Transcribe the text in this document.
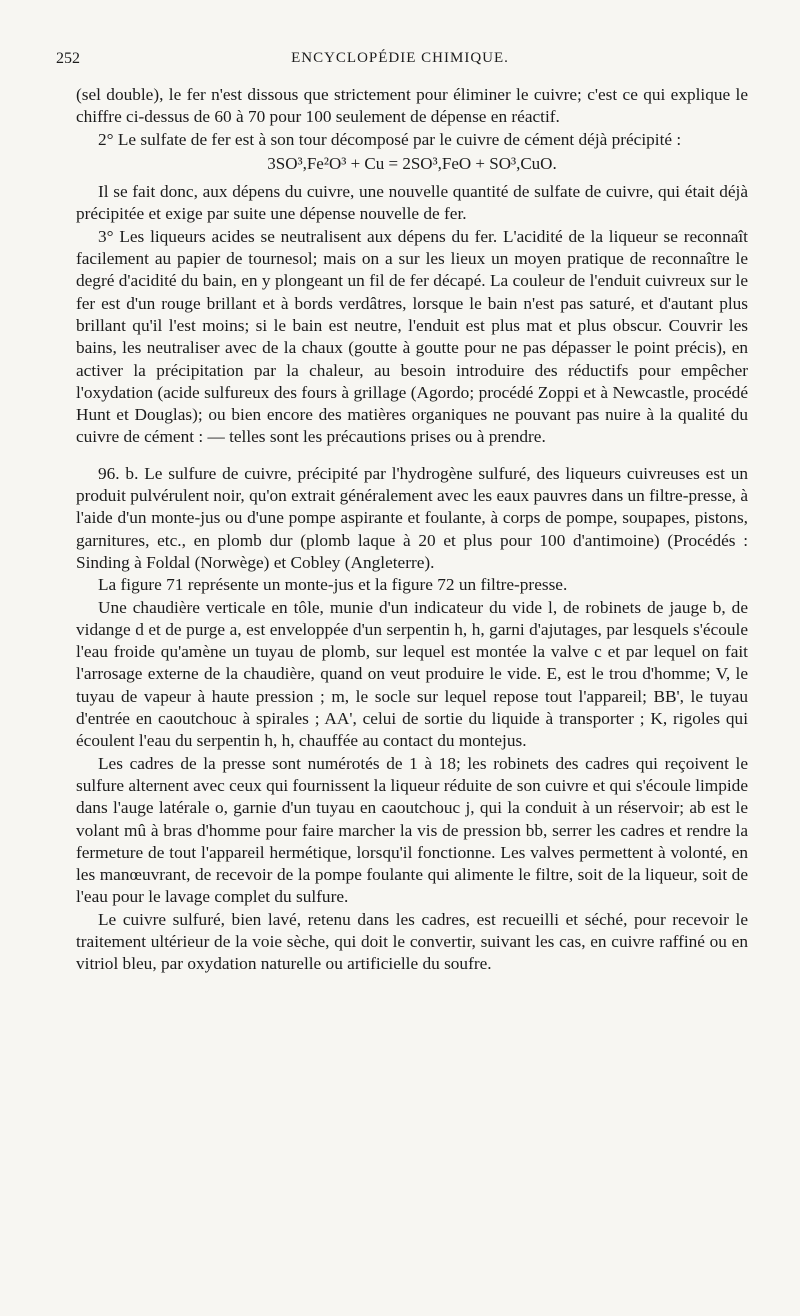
252	ENCYCLOPÉDIE CHIMIQUE.

(sel double), le fer n'est dissous que strictement pour éliminer le cuivre; c'est ce qui explique le chiffre ci-dessus de 60 à 70 pour 100 seulement de dépense en réactif.

2° Le sulfate de fer est à son tour décomposé par le cuivre de cément déjà précipité :

3SO³,Fe²O³ + Cu = 2SO³,FeO + SO³,CuO.

Il se fait donc, aux dépens du cuivre, une nouvelle quantité de sulfate de cuivre, qui était déjà précipitée et exige par suite une dépense nouvelle de fer.

3° Les liqueurs acides se neutralisent aux dépens du fer. L'acidité de la liqueur se reconnaît facilement au papier de tournesol; mais on a sur les lieux un moyen pratique de reconnaître le degré d'acidité du bain, en y plongeant un fil de fer décapé. La couleur de l'enduit cuivreux sur le fer est d'un rouge brillant et à bords verdâtres, lorsque le bain n'est pas saturé, et d'autant plus brillant qu'il l'est moins; si le bain est neutre, l'enduit est plus mat et plus obscur. Couvrir les bains, les neutraliser avec de la chaux (goutte à goutte pour ne pas dépasser le point précis), en activer la précipitation par la chaleur, au besoin introduire des réductifs pour empêcher l'oxydation (acide sulfureux des fours à grillage (Agordo; procédé Zoppi et à Newcastle, procédé Hunt et Douglas); ou bien encore des matières organiques ne pouvant pas nuire à la qualité du cuivre de cément : — telles sont les précautions prises ou à prendre.

96. b. Le sulfure de cuivre, précipité par l'hydrogène sulfuré, des liqueurs cuivreuses est un produit pulvérulent noir, qu'on extrait généralement avec les eaux pauvres dans un filtre-presse, à l'aide d'un monte-jus ou d'une pompe aspirante et foulante, à corps de pompe, soupapes, pistons, garnitures, etc., en plomb dur (plomb laque à 20 et plus pour 100 d'antimoine) (Procédés : Sinding à Foldal (Norwège) et Cobley (Angleterre).

La figure 71 représente un monte-jus et la figure 72 un filtre-presse.

Une chaudière verticale en tôle, munie d'un indicateur du vide l, de robinets de jauge b, de vidange d et de purge a, est enveloppée d'un serpentin h, h, garni d'ajutages, par lesquels s'écoule l'eau froide qu'amène un tuyau de plomb, sur lequel est montée la valve c et par lequel on fait l'arrosage externe de la chaudière, quand on veut produire le vide. E, est le trou d'homme; V, le tuyau de vapeur à haute pression ; m, le socle sur lequel repose tout l'appareil; BB', le tuyau d'entrée en caoutchouc à spirales ; AA', celui de sortie du liquide à transporter ; K, rigoles qui écoulent l'eau du serpentin h, h, chauffée au contact du montejus.

Les cadres de la presse sont numérotés de 1 à 18; les robinets des cadres qui reçoivent le sulfure alternent avec ceux qui fournissent la liqueur réduite de son cuivre et qui s'écoule limpide dans l'auge latérale o, garnie d'un tuyau en caoutchouc j, qui la conduit à un réservoir; ab est le volant mû à bras d'homme pour faire marcher la vis de pression bb, serrer les cadres et rendre la fermeture de tout l'appareil hermétique, lorsqu'il fonctionne. Les valves permettent à volonté, en les manœuvrant, de recevoir de la pompe foulante qui alimente le filtre, soit de la liqueur, soit de l'eau pour le lavage complet du sulfure.

Le cuivre sulfuré, bien lavé, retenu dans les cadres, est recueilli et séché, pour recevoir le traitement ultérieur de la voie sèche, qui doit le convertir, suivant les cas, en cuivre raffiné ou en vitriol bleu, par oxydation naturelle ou artificielle du soufre.
